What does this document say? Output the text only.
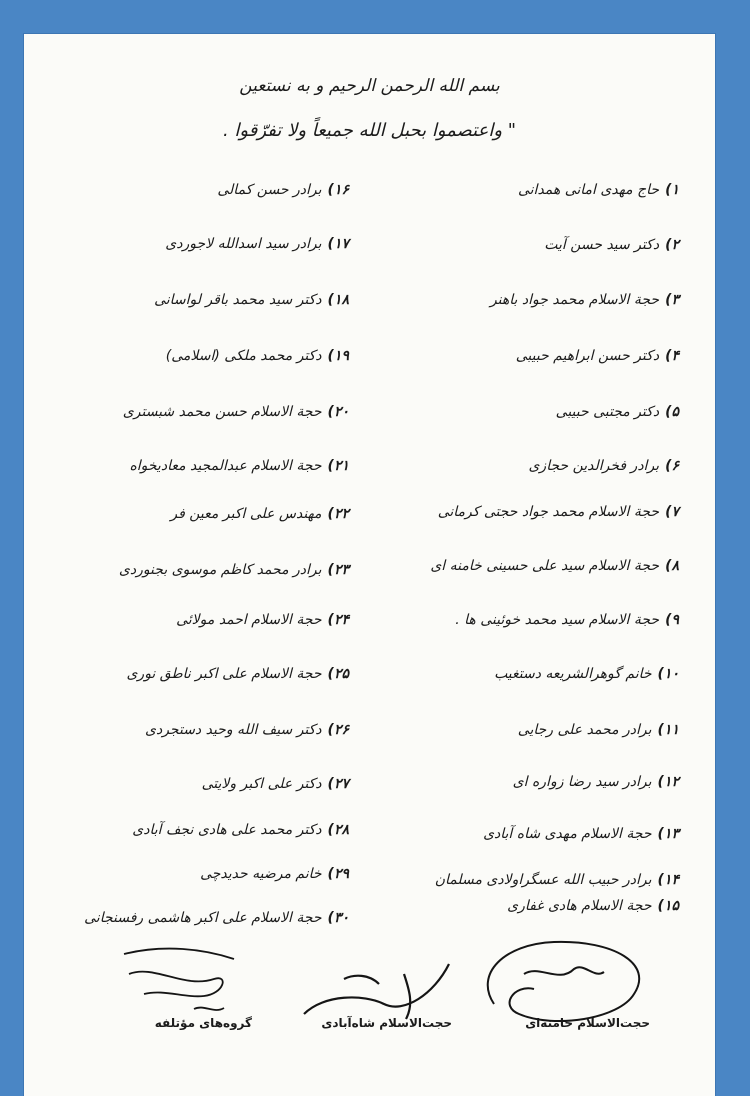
بسم الله الرحمن الرحیم و به نستعین
" واعتصموا بحبل الله جمیعاً ولا تفرّقوا .
۱)حاج مهدی امانی همدانی
۲)دکتر سید حسن آیت
۳)حجة الاسلام محمد جواد باهنر
۴)دکتر حسن ابراهیم حبیبی
۵)دکتر مجتبی حبیبی
۶)برادر فخرالدین حجازی
۷)حجة الاسلام محمد جواد حجتی کرمانی
۸)حجة الاسلام سید علی حسینی خامنه ای
۹)حجة الاسلام سید محمد خوئینی ها .
۱۰)خانم گوهرالشریعه دستغیب
۱۱)برادر محمد علی رجایی
۱۲)برادر سید رضا زواره ای
۱۳)حجة الاسلام مهدی شاه آبادی
۱۴)برادر حبیب الله عسگراولادی مسلمان
۱۵)حجة الاسلام هادی غفاری
۱۶)برادر حسن کمالی
۱۷)برادر سید اسدالله لاجوردی
۱۸)دکتر سید محمد باقر لواسانی
۱۹)دکتر محمد ملکی (اسلامی)
۲۰)حجة الاسلام حسن محمد شبستری
۲۱)حجة الاسلام عبدالمجید معادیخواه
۲۲)مهندس علی اکبر معین فر
۲۳)برادر محمد کاظم موسوی بجنوردی
۲۴)حجة الاسلام احمد مولائی
۲۵)حجة الاسلام علی اکبر ناطق نوری
۲۶)دکتر سیف الله وحید دستجردی
۲۷)دکتر علی اکبر ولایتی
۲۸)دکتر محمد علی هادی نجف آبادی
۲۹)خانم مرضیه حدیدچی
۳۰)حجة الاسلام علی اکبر هاشمی رفسنجانی
حجت‌الاسلام خامنه‌ای
حجت‌الاسلام شاه‌آبادی
گروه‌های مؤتلفه
